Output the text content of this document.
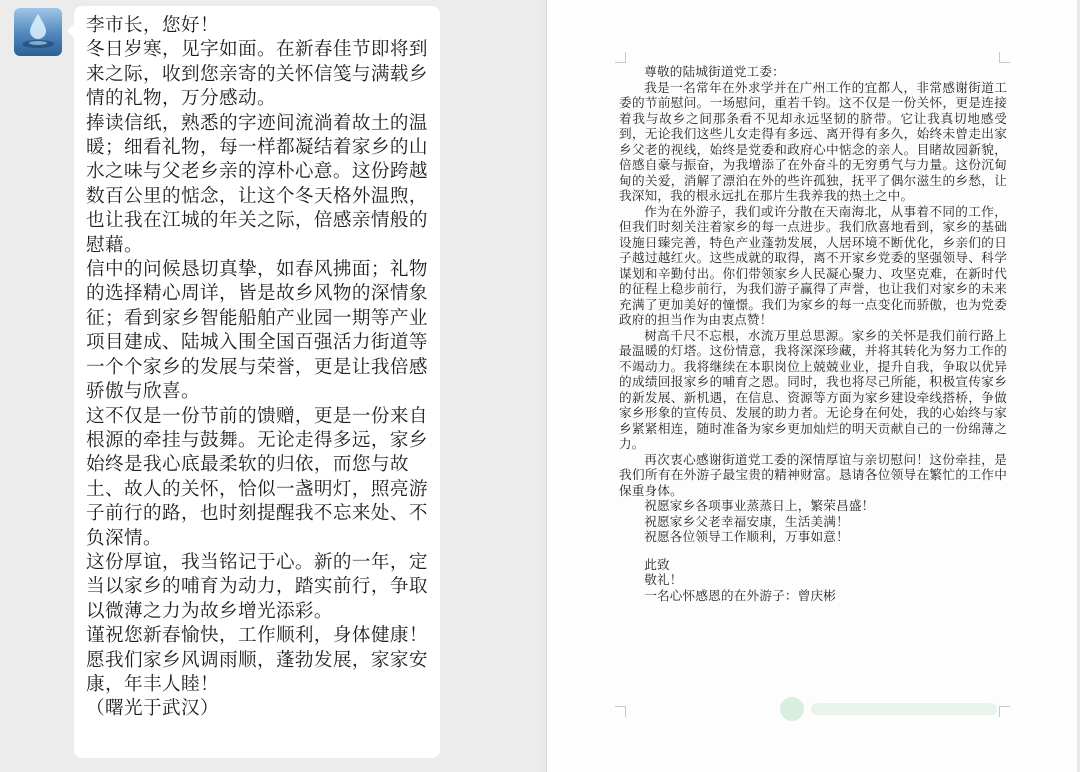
李市长，您好！

冬日岁寒，见字如面。在新春佳节即将到来之际，收到您亲寄的关怀信笺与满载乡情的礼物，万分感动。

捧读信纸，熟悉的字迹间流淌着故土的温暖；细看礼物，每一样都凝结着家乡的山水之味与父老乡亲的淳朴心意。这份跨越数百公里的惦念，让这个冬天格外温煦，也让我在江城的年关之际，倍感亲情般的慰藉。

信中的问候恳切真挚，如春风拂面；礼物的选择精心周详，皆是故乡风物的深情象征；看到家乡智能船舶产业园一期等产业项目建成、陆城入围全国百强活力街道等一个个家乡的发展与荣誉，更是让我倍感骄傲与欣喜。

这不仅是一份节前的馈赠，更是一份来自根源的牵挂与鼓舞。无论走得多远，家乡始终是我心底最柔软的归依，而您与故土、故人的关怀，恰似一盏明灯，照亮游子前行的路，也时刻提醒我不忘来处、不负深情。

这份厚谊，我当铭记于心。新的一年，定当以家乡的哺育为动力，踏实前行，争取以微薄之力为故乡增光添彩。

谨祝您新春愉快，工作顺利，身体健康！愿我们家乡风调雨顺，蓬勃发展，家家安康，年丰人睦！

（曙光于武汉）

尊敬的陆城街道党工委：

我是一名常年在外求学并在广州工作的宜都人，非常感谢街道工委的节前慰问。一场慰问，重若千钧。这不仅是一份关怀，更是连接着我与故乡之间那条看不见却永远坚韧的脐带。它让我真切地感受到，无论我们这些儿女走得有多远、离开得有多久，始终未曾走出家乡父老的视线，始终是党委和政府心中惦念的亲人。目睹故园新貌，倍感自豪与振奋，为我增添了在外奋斗的无穷勇气与力量。这份沉甸甸的关爱，消解了漂泊在外的些许孤独，抚平了偶尔滋生的乡愁，让我深知，我的根永远扎在那片生我养我的热土之中。

作为在外游子，我们或许分散在天南海北，从事着不同的工作，但我们时刻关注着家乡的每一点进步。我们欣喜地看到，家乡的基础设施日臻完善，特色产业蓬勃发展，人居环境不断优化，乡亲们的日子越过越红火。这些成就的取得，离不开家乡党委的坚强领导、科学谋划和辛勤付出。你们带领家乡人民凝心聚力、攻坚克难，在新时代的征程上稳步前行，为我们游子赢得了声誉，也让我们对家乡的未来充满了更加美好的憧憬。我们为家乡的每一点变化而骄傲，也为党委政府的担当作为由衷点赞！

树高千尺不忘根，水流万里总思源。家乡的关怀是我们前行路上最温暖的灯塔。这份情意，我将深深珍藏，并将其转化为努力工作的不竭动力。我将继续在本职岗位上兢兢业业，提升自我，争取以优异的成绩回报家乡的哺育之恩。同时，我也将尽己所能，积极宣传家乡的新发展、新机遇，在信息、资源等方面为家乡建设牵线搭桥，争做家乡形象的宣传员、发展的助力者。无论身在何处，我的心始终与家乡紧紧相连，随时准备为家乡更加灿烂的明天贡献自己的一份绵薄之力。

再次衷心感谢街道党工委的深情厚谊与亲切慰问！这份牵挂，是我们所有在外游子最宝贵的精神财富。恳请各位领导在繁忙的工作中保重身体。

祝愿家乡各项事业蒸蒸日上，繁荣昌盛！

祝愿家乡父老幸福安康，生活美满！

祝愿各位领导工作顺利，万事如意！

此致

敬礼！

一名心怀感恩的在外游子：曾庆彬
